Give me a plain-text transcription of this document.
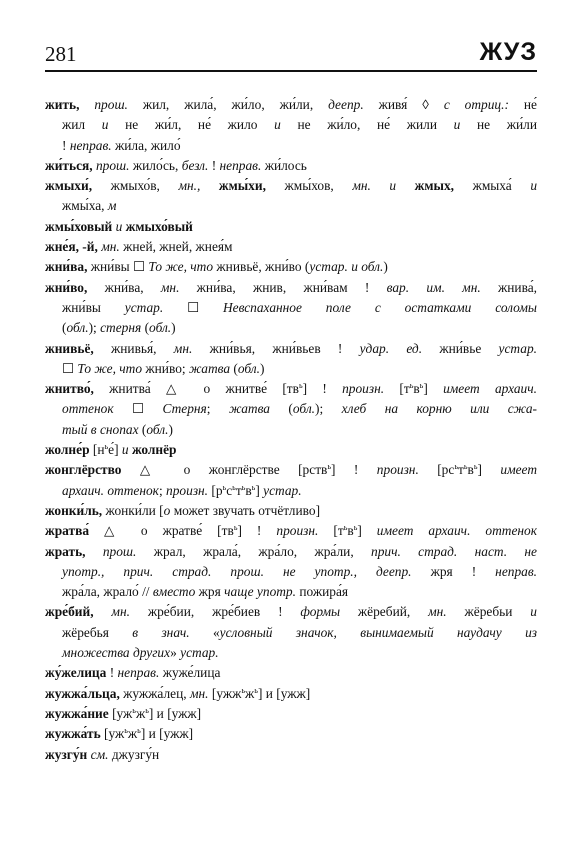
281	ЖУЗ
жить, прош. жил, жила́, жи́ло, жи́ли, деепр. живя́ ◊ с отриц.: не́
жил и не жи́л, не́ жило и не жи́ло, не́ жили и не жи́ли
! неправ. жи́ла, жило́
жи́ться, прош. жило́сь, безл. ! неправ. жи́лось
жмыхи́, жмыхо́в, мн., жмы́хи, жмы́хов, мн. и жмых, жмыха́ и
жмы́ха, м
жмы́ховый и жмыхо́вый
жне́я, -й, мн. жней, жней, жнея́м
жни́ва, жни́вы ☐ То же, что жнивьё, жни́во (устар. и обл.)
жни́во, жни́ва, мн. жни́ва, жнив, жни́вам ! вар. им. мн. жнива́,
жни́вы устар. ☐ Невспаханное поле с остатками соломы
(обл.); стерня (обл.)
жнивьё, жнивья́, мн. жни́вья, жни́вьев ! удар. ед. жни́вье устар.
☐ То же, что жни́во; жатва (обл.)
жнитво́, жнитва́ △ о жнитве́ $[тв^ь]$ ! произн. $[т^ьв^ь]$ имеет архаич.
оттенок ☐ Стерня; жатва (обл.); хлеб на корню или сжа-
тый в снопах (обл.)
жолне́р $[н^ье́]$ и жолнёр
жонглёрство △ о жонглёрстве [рств$^ь$] ! произн. $[рс^ьт^ьв^ь]$ имеет
архаич. оттенок; произн. $[р^ьс^ьт^ьв^ь]$ устар.
жонки́ль, жонки́ли [о может звучать отчётливо]
жратва́ △ о жратве́ $[тв^ь]$ ! произн. $[т^ьв^ь]$ имеет архаич. оттенок
жрать, прош. жрал, жрала́, жра́ло, жра́ли, прич. страд. наст. не
употр., прич. страд. прош. не употр., деепр. жря ! неправ.
жра́ла, жрало́ // вместо жря чаще употр. пожира́я
жре́бий, мн. жре́бии, жре́биев ! формы жёребий, мн. жёребьи и
жёребья в знач. «условный значок, вынимаемый наудачу из
множества других» устар.
жу́желица ! неправ. жуже́лица
жужжа́льца, жужжа́лец, мн. $[ужж^ьж^ь]$ и [ужж]
жужжа́ние $[уж^ьж^ь]$ и [ужж]
жужжа́ть $[уж^ьж^ь]$ и [ужж]
жузгу́н см. джузгу́н
